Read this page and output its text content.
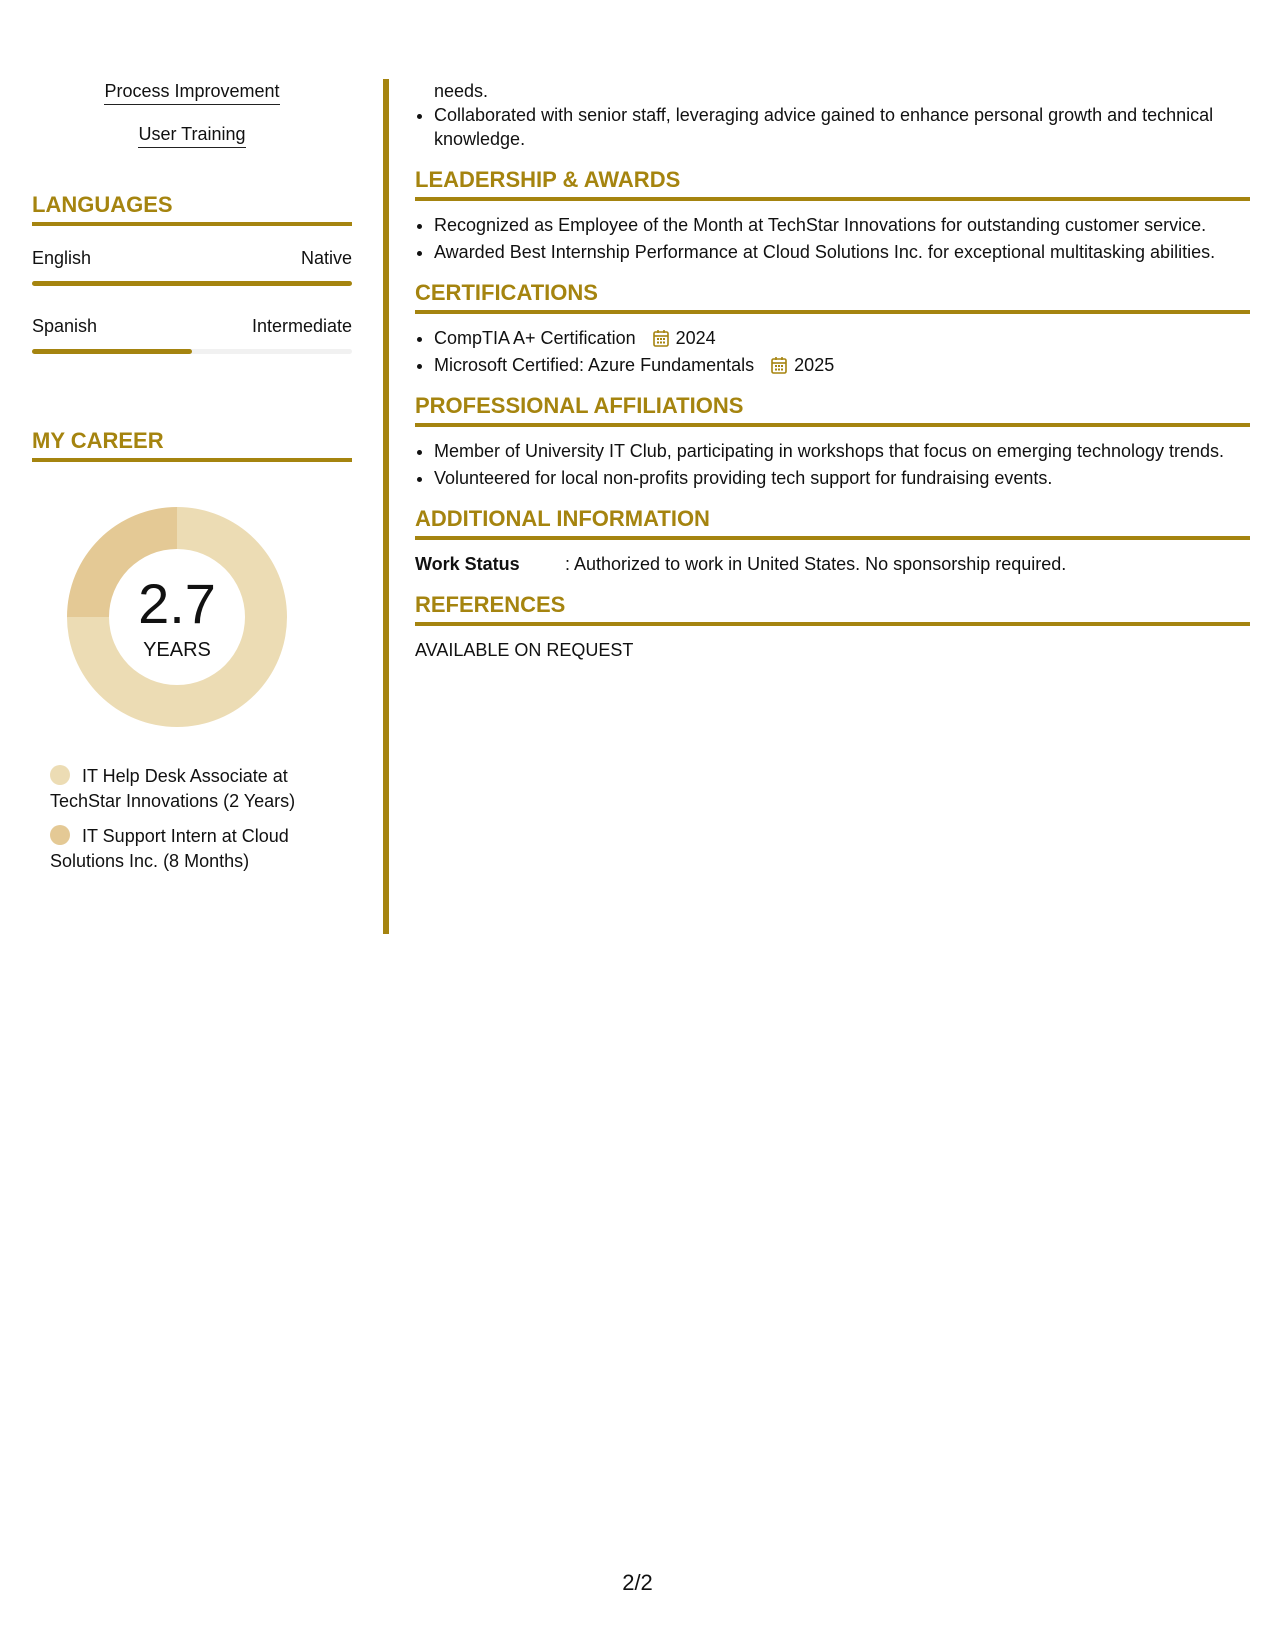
Process Improvement
User Training
LANGUAGES
English	Native
Spanish	Intermediate
MY CAREER
2.7
YEARS
IT Help Desk Associate at TechStar Innovations (2 Years)
IT Support Intern at Cloud Solutions Inc. (8 Months)

needs.

• Collaborated with senior staff, leveraging advice gained to enhance personal growth and technical knowledge.
LEADERSHIP & AWARDS
• Recognized as Employee of the Month at TechStar Innovations for outstanding customer service.
• Awarded Best Internship Performance at Cloud Solutions Inc. for exceptional multitasking abilities.
CERTIFICATIONS
• CompTIA A+ Certification 2024
• Microsoft Certified: Azure Fundamentals 2025
PROFESSIONAL AFFILIATIONS
• Member of University IT Club, participating in workshops that focus on emerging technology trends.
• Volunteered for local non-profits providing tech support for fundraising events.
ADDITIONAL INFORMATION
Work Status	: Authorized to work in United States. No sponsorship required.
REFERENCES

AVAILABLE ON REQUEST

2/2
